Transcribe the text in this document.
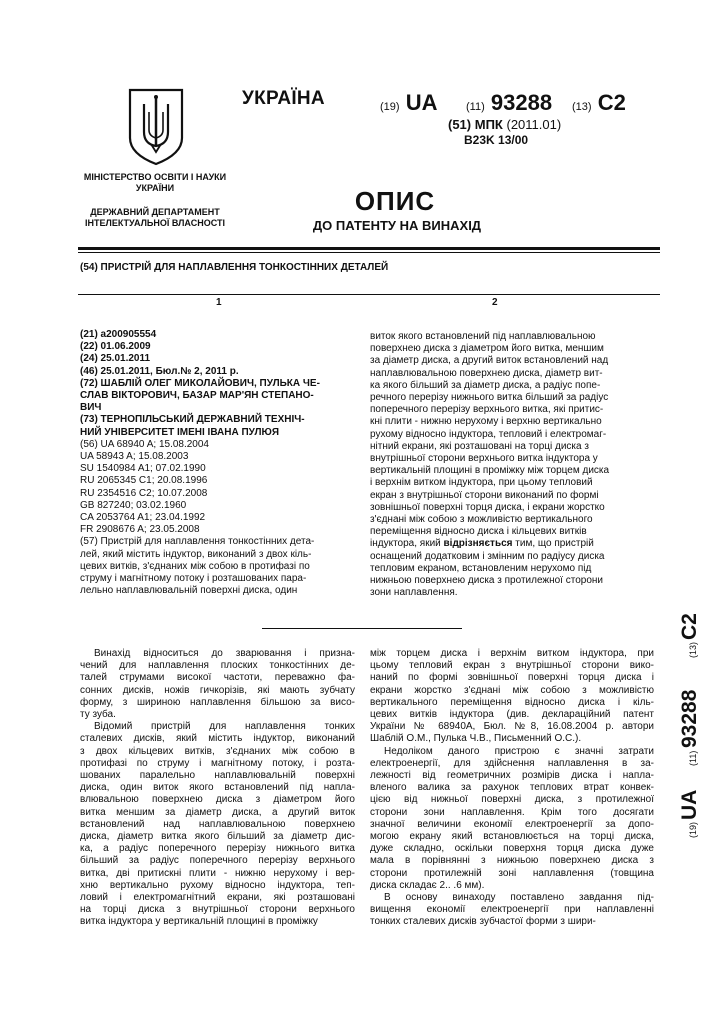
МІНІСТЕРСТВО ОСВІТИ І НАУКИ УКРАЇНИ
ДЕРЖАВНИЙ ДЕПАРТАМЕНТ ІНТЕЛЕКТУАЛЬНОЇ ВЛАСНОСТІ
УКРАЇНА	(19) UA	(11) 93288 (13) C2
(51) МПК (2011.01)
B23K 13/00
ОПИС
ДО ПАТЕНТУ НА ВИНАХІД
(54) ПРИСТРІЙ ДЛЯ НАПЛАВЛЕННЯ ТОНКОСТІННИХ ДЕТАЛЕЙ
1	2

(21) а200905554

(22) 01.06.2009

(24) 25.01.2011

(46) 25.01.2011, Бюл.№ 2, 2011 р.

(72) ШАБЛІЙ ОЛЕГ МИКОЛАЙОВИЧ, ПУЛЬКА ЧЕ-

СЛАВ ВІКТОРОВИЧ, БАЗАР МАР'ЯН СТЕПАНО-

ВИЧ

(73) ТЕРНОПІЛЬСЬКИЙ ДЕРЖАВНИЙ ТЕХНІЧ-

НИЙ УНІВЕРСИТЕТ ІМЕНІ ІВАНА ПУЛЮЯ

(56) UA 68940 A; 15.08.2004

UA 58943 A; 15.08.2003

SU 1540984 A1; 07.02.1990

RU 2065345 C1; 20.08.1996

RU 2354516 C2; 10.07.2008

GB 827240; 03.02.1960

CA 2053764 A1; 23.04.1992

FR 2908676 A; 23.05.2008

(57) Пристрій для наплавлення тонкостінних дета-

лей, який містить індуктор, виконаний з двох кіль-

цевих витків, з'єднаних між собою в протифазі по

струму і магнітному потоку і розташованих пара-

лельно наплавлювальній поверхні диска, один

виток якого встановлений під наплавлювальною

поверхнею диска з діаметром його витка, меншим

за діаметр диска, а другий виток встановлений над

наплавлювальною поверхнею диска, діаметр вит-

ка якого більший за діаметр диска, а радіус попе-

речного перерізу нижнього витка більший за радіус

поперечного перерізу верхнього витка, які притис-

кні плити - нижню нерухому і верхню вертикально

рухому відносно індуктора, тепловий і електромаг-

нітний екрани, які розташовані на торці диска з

внутрішньої сторони верхнього витка індуктора у

вертикальній площині в проміжку між торцем диска

і верхнім витком індуктора, при цьому тепловий

екран з внутрішньої сторони виконаний по формі

зовнішньої поверхні торця диска, і екрани жорстко

з'єднані між собою з можливістю вертикального

переміщення відносно диска і кільцевих витків

індуктора, який відрізняється тим, що пристрій

оснащений додатковим і змінним по радіусу диска

тепловим екраном, встановленим нерухомо під

нижньою поверхнею диска з протилежної сторони

зони наплавлення.

Винахід відноситься до зварювання і призна-

чений для наплавлення плоских тонкостінних де-

талей струмами високої частоти, переважно фа-

сонних дисків, ножів гичкорізів, які мають зубчату

форму, з шириною наплавлення більшою за висо-

ту зуба.

Відомий пристрій для наплавлення тонких

сталевих дисків, який містить індуктор, виконаний

з двох кільцевих витків, з'єднаних між собою в

протифазі по струму і магнітному потоку, і розта-

шованих паралельно наплавлювальній поверхні

диска, один виток якого встановлений під напла-

влювальною поверхнею диска з діаметром його

витка меншим за діаметр диска, а другий виток

встановлений над наплавлювальною поверхнею

диска, діаметр витка якого більший за діаметр дис-

ка, а радіус поперечного перерізу нижнього витка

більший за радіус поперечного перерізу верхнього

витка, дві притискні плити - нижню нерухому і вер-

хню вертикально рухому відносно індуктора, теп-

ловий і електромагнітний екрани, які розташовані

на торці диска з внутрішньої сторони верхнього

витка індуктора у вертикальній площині в проміжку

між торцем диска і верхнім витком індуктора, при

цьому тепловий екран з внутрішньої сторони вико-

наний по формі зовнішньої поверхні торця диска і

екрани жорстко з'єднані між собою з можливістю

вертикального переміщення відносно диска і кіль-

цевих витків індуктора (див. декларацiйний патент

України № 68940А, Бюл. №8, 16.08.2004 р. автори

Шаблій О.М., Пулька Ч.В., Письменний О.С.).

Недоліком даного пристрою є значні затрати

електроенергії, для здійснення наплавлення в за-

лежності від геометричних розмірів диска і напла-

вленого валика за рахунок теплових втрат конвек-

цією від нижньої поверхні диска, з протилежної

сторони зони наплавлення. Крім того досягати

значної величини економії електроенергії за допо-

могою екрану який встановлюється на торці диска,

дуже складно, оскільки поверхня торця диска дуже

мала в порівнянні з нижньою поверхнею диска з

сторони протилежній зоні наплавлення (товщина

диска складає 2.. .6 мм).

В основу винаходу поставлено завдання під-

вищення економії електроенергії при наплавленні

тонких сталевих дисків зубчастої форми з шири-

(19)
UA
(11)
93288
(13)
C2
